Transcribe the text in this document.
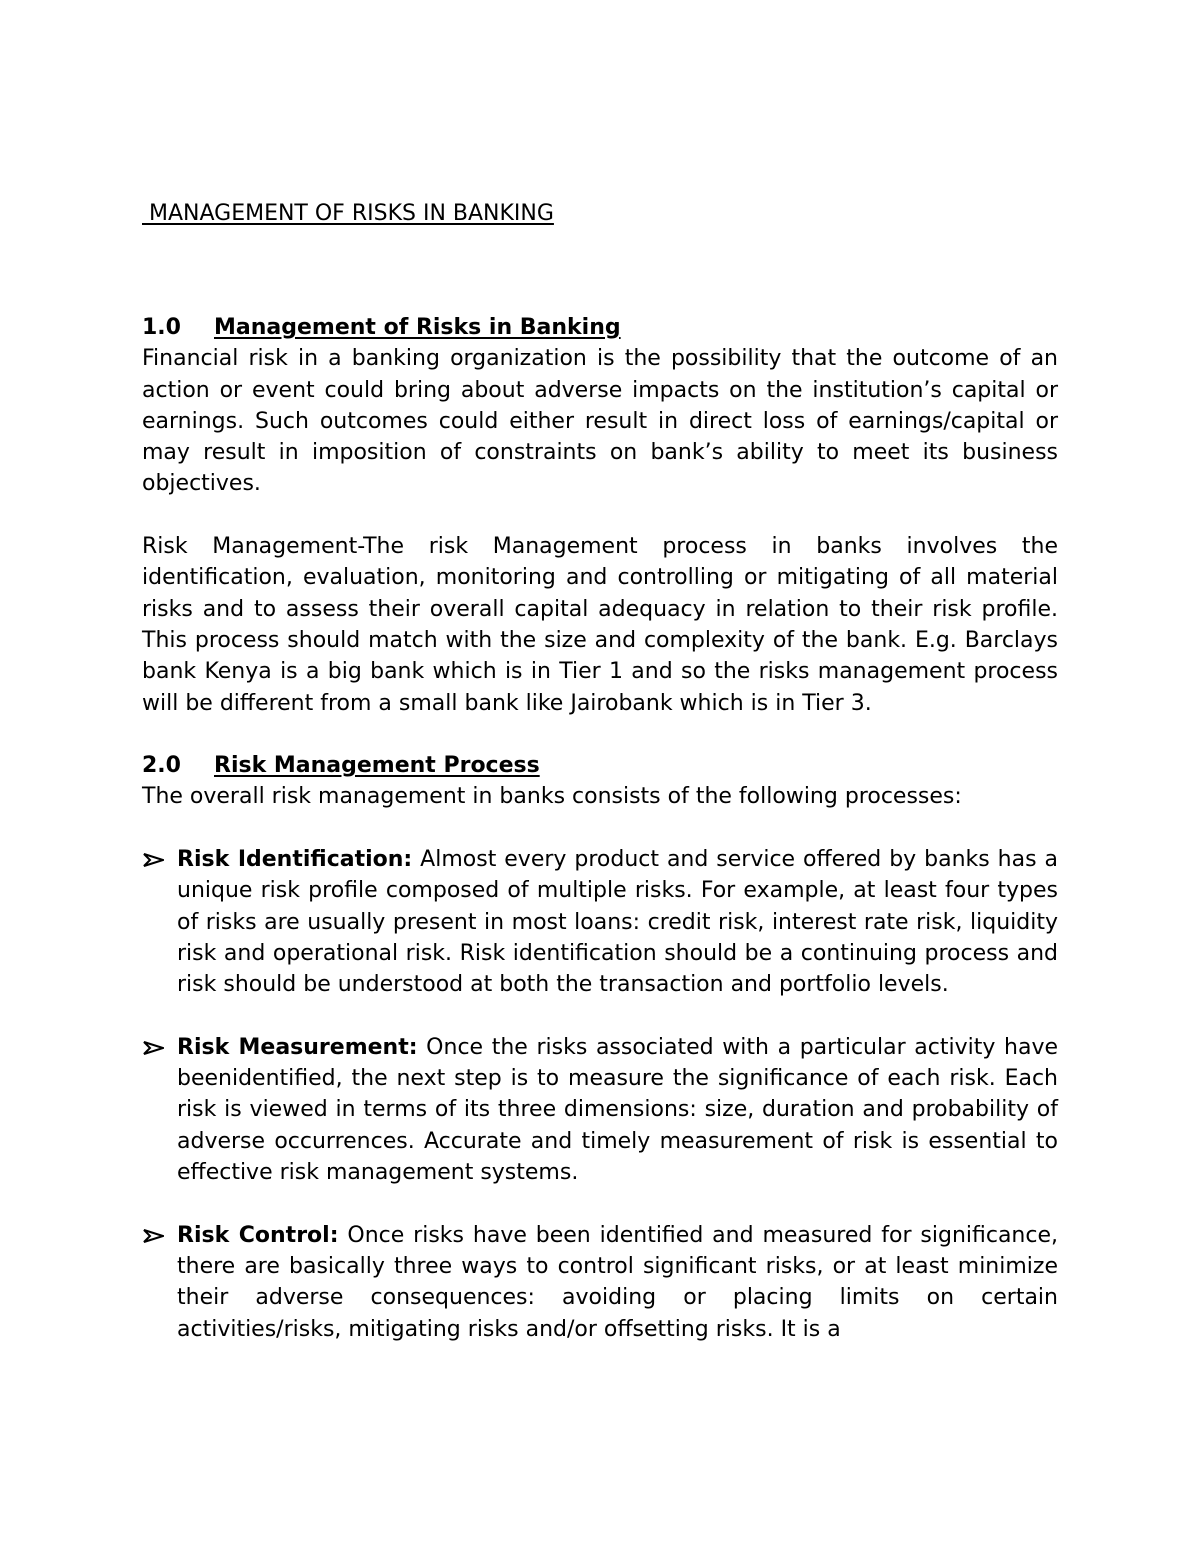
MANAGEMENT OF RISKS IN BANKING
1.0	Management of Risks in Banking

Financial risk in a banking organization is the possibility that the outcome of an action or event could bring about adverse impacts on the institution’s capital or earnings. Such outcomes could either result in direct loss of earnings/capital or may result in imposition of constraints on bank’s ability to meet its business objectives.

Risk Management-The risk Management process in banks involves the identification, evaluation, monitoring and controlling or mitigating of all material risks and to assess their overall capital adequacy in relation to their risk profile. This process should match with the size and complexity of the bank. E.g. Barclays bank Kenya is a big bank which is in Tier 1 and so the risks management process will be different from a small bank like Jairobank which is in Tier 3.

2.0	Risk Management Process

The overall risk management in banks consists of the following processes:

Risk Identification: Almost every product and service offered by banks has a unique risk profile composed of multiple risks. For example, at least four types of risks are usually present in most loans: credit risk, interest rate risk, liquidity risk and operational risk. Risk identification should be a continuing process and risk should be understood at both the transaction and portfolio levels.
Risk Measurement: Once the risks associated with a particular activity have beenidentified, the next step is to measure the significance of each risk. Each risk is viewed in terms of its three dimensions: size, duration and probability of adverse occurrences. Accurate and timely measurement of risk is essential to effective risk management systems.
Risk Control: Once risks have been identified and measured for significance, there are basically three ways to control significant risks, or at least minimize their adverse consequences: avoiding or placing limits on certain activities/risks, mitigating risks and/or offsetting risks. It is a
